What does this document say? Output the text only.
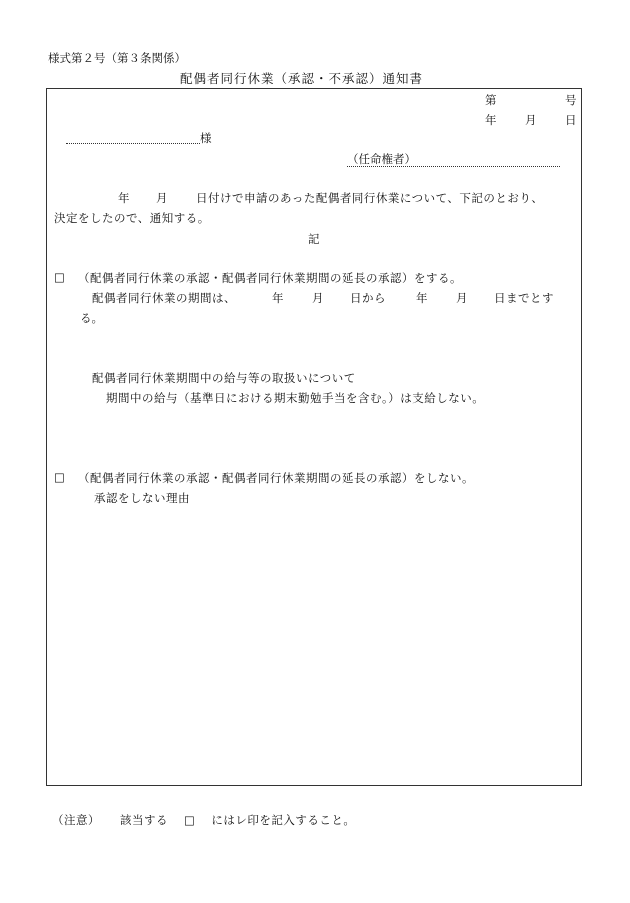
様式第２号（第３条関係）
配偶者同行休業（承認・不承認）通知書
第	号
年 月 日
様
（任命権者）
年 月 日付けで申請のあった配偶者同行休業について、下記のとおり、
決定をしたので、通知する。
記
□ （配偶者同行休業の承認・配偶者同行休業期間の延長の承認）をする。
配偶者同行休業の期間は、	年 月 日から	年 月 日までとす
る。
配偶者同行休業期間中の給与等の取扱いについて
期間中の給与（基準日における期末勤勉手当を含む。）は支給しない。
□ （配偶者同行休業の承認・配偶者同行休業期間の延長の承認）をしない。
承認をしない理由
（注意） 該当する □ にはレ印を記入すること。
